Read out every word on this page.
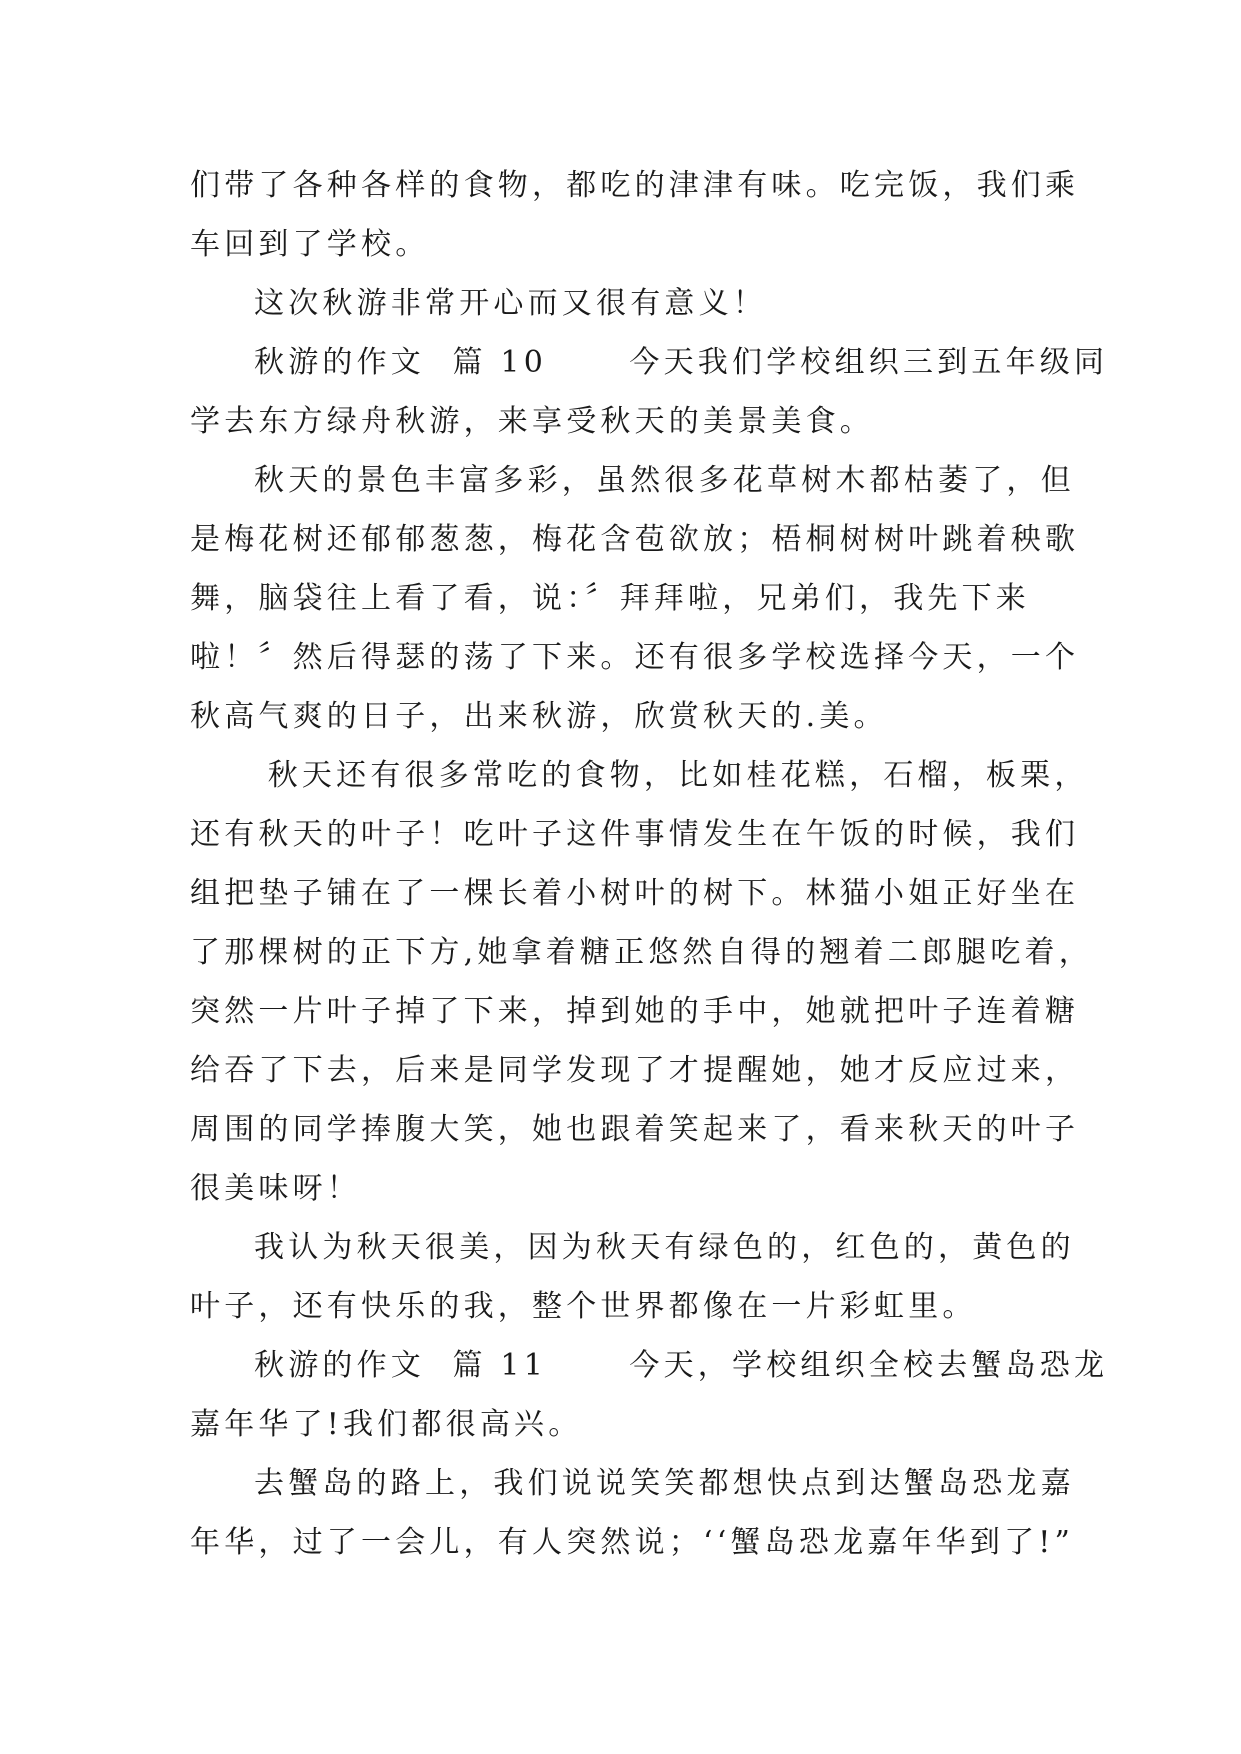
们带了各种各样的食物，都吃的津津有味。吃完饭，我们乘
车回到了学校。
这次秋游非常开心而又很有意义！
秋游的作文  篇 10      今天我们学校组织三到五年级同
学去东方绿舟秋游，来享受秋天的美景美食。
秋天的景色丰富多彩，虽然很多花草树木都枯萎了，但
是梅花树还郁郁葱葱，梅花含苞欲放；梧桐树树叶跳着秧歌
舞，脑袋往上看了看，说：〞拜拜啦，兄弟们，我先下来
啦！〞然后得瑟的荡了下来。还有很多学校选择今天，一个
秋高气爽的日子，出来秋游，欣赏秋天的.美。
秋天还有很多常吃的食物，比如桂花糕，石榴，板栗，
还有秋天的叶子！吃叶子这件事情发生在午饭的时候，我们
组把垫子铺在了一棵长着小树叶的树下。林猫小姐正好坐在
了那棵树的正下方,她拿着糖正悠然自得的翘着二郎腿吃着，
突然一片叶子掉了下来，掉到她的手中，她就把叶子连着糖
给吞了下去，后来是同学发现了才提醒她，她才反应过来，
周围的同学捧腹大笑，她也跟着笑起来了，看来秋天的叶子
很美味呀！
我认为秋天很美，因为秋天有绿色的，红色的，黄色的
叶子，还有快乐的我，整个世界都像在一片彩虹里。
秋游的作文  篇 11      今天，学校组织全校去蟹岛恐龙
嘉年华了!我们都很高兴。
去蟹岛的路上，我们说说笑笑都想快点到达蟹岛恐龙嘉
年华，过了一会儿，有人突然说；‘‘蟹岛恐龙嘉年华到了!”
